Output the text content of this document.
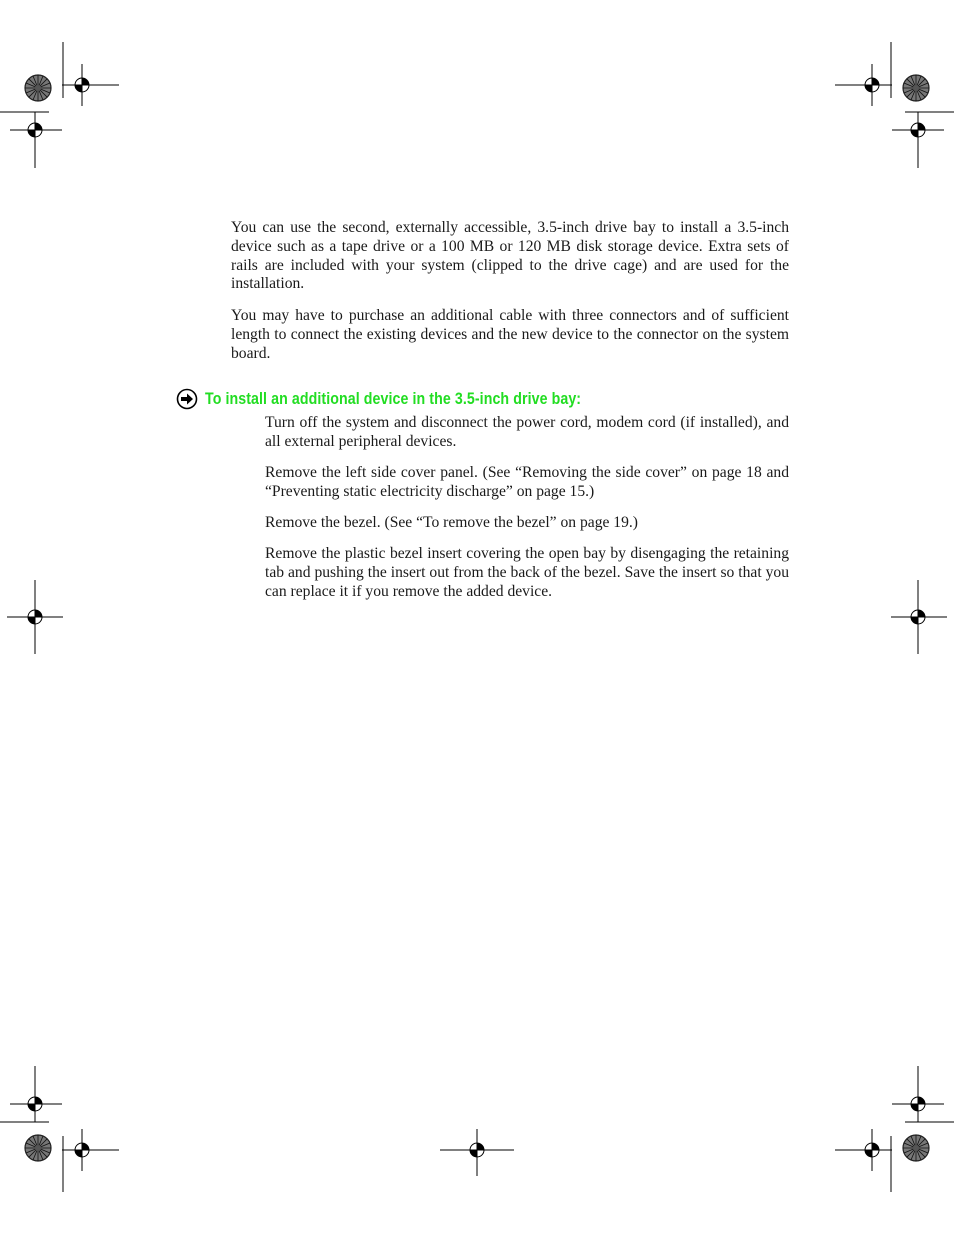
You can use the second, externally accessible, 3.5-inch drive bay to install a 3.5-inch device such as a tape drive or a 100 MB or 120 MB disk storage device. Extra sets of rails are included with your system (clipped to the drive cage) and are used for the installation.

You may have to purchase an additional cable with three connectors and of sufficient length to connect the existing devices and the new device to the connector on the system board.

To install an additional device in the 3.5-inch drive bay:

Turn off the system and disconnect the power cord, modem cord (if installed), and all external peripheral devices.

Remove the left side cover panel. (See “Removing the side cover” on page 18 and “Preventing static electricity discharge” on page 15.)

Remove the bezel. (See “To remove the bezel” on page 19.)

Remove the plastic bezel insert covering the open bay by disengaging the retaining tab and pushing the insert out from the back of the bezel. Save the insert so that you can replace it if you remove the added device.
